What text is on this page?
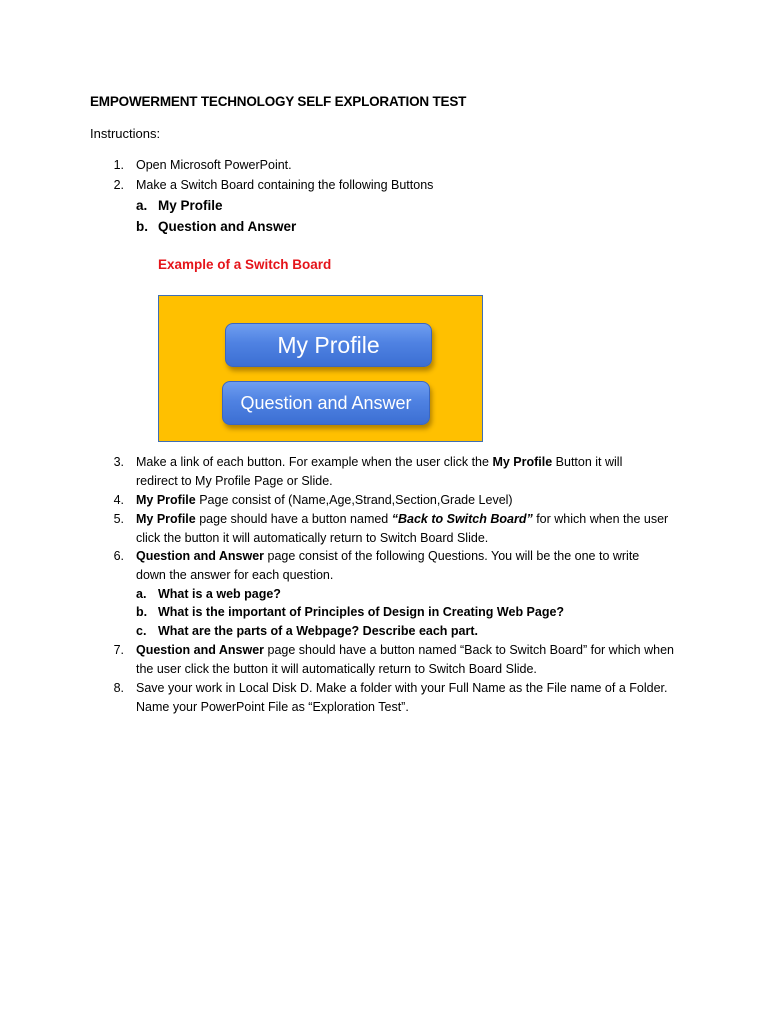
EMPOWERMENT TECHNOLOGY SELF EXPLORATION TEST
Instructions:
1. Open Microsoft PowerPoint.
2. Make a Switch Board containing the following Buttons
a. My Profile
b. Question and Answer
Example of a Switch Board
My Profile
Question and Answer
3. Make a link of each button. For example when the user click the My Profile Button it will
redirect to My Profile Page or Slide.
4. My Profile Page consist of (Name,Age,Strand,Section,Grade Level)
5. My Profile page should have a button named “Back to Switch Board” for which when the user
click the button it will automatically return to Switch Board Slide.
6. Question and Answer page consist of the following Questions. You will be the one to write
down the answer for each question.
a. What is a web page?
b. What is the important of Principles of Design in Creating Web Page?
c. What are the parts of a Webpage? Describe each part.
7. Question and Answer page should have a button named “Back to Switch Board” for which when
the user click the button it will automatically return to Switch Board Slide.
8. Save your work in Local Disk D. Make a folder with your Full Name as the File name of a Folder.
Name your PowerPoint File as “Exploration Test”.
